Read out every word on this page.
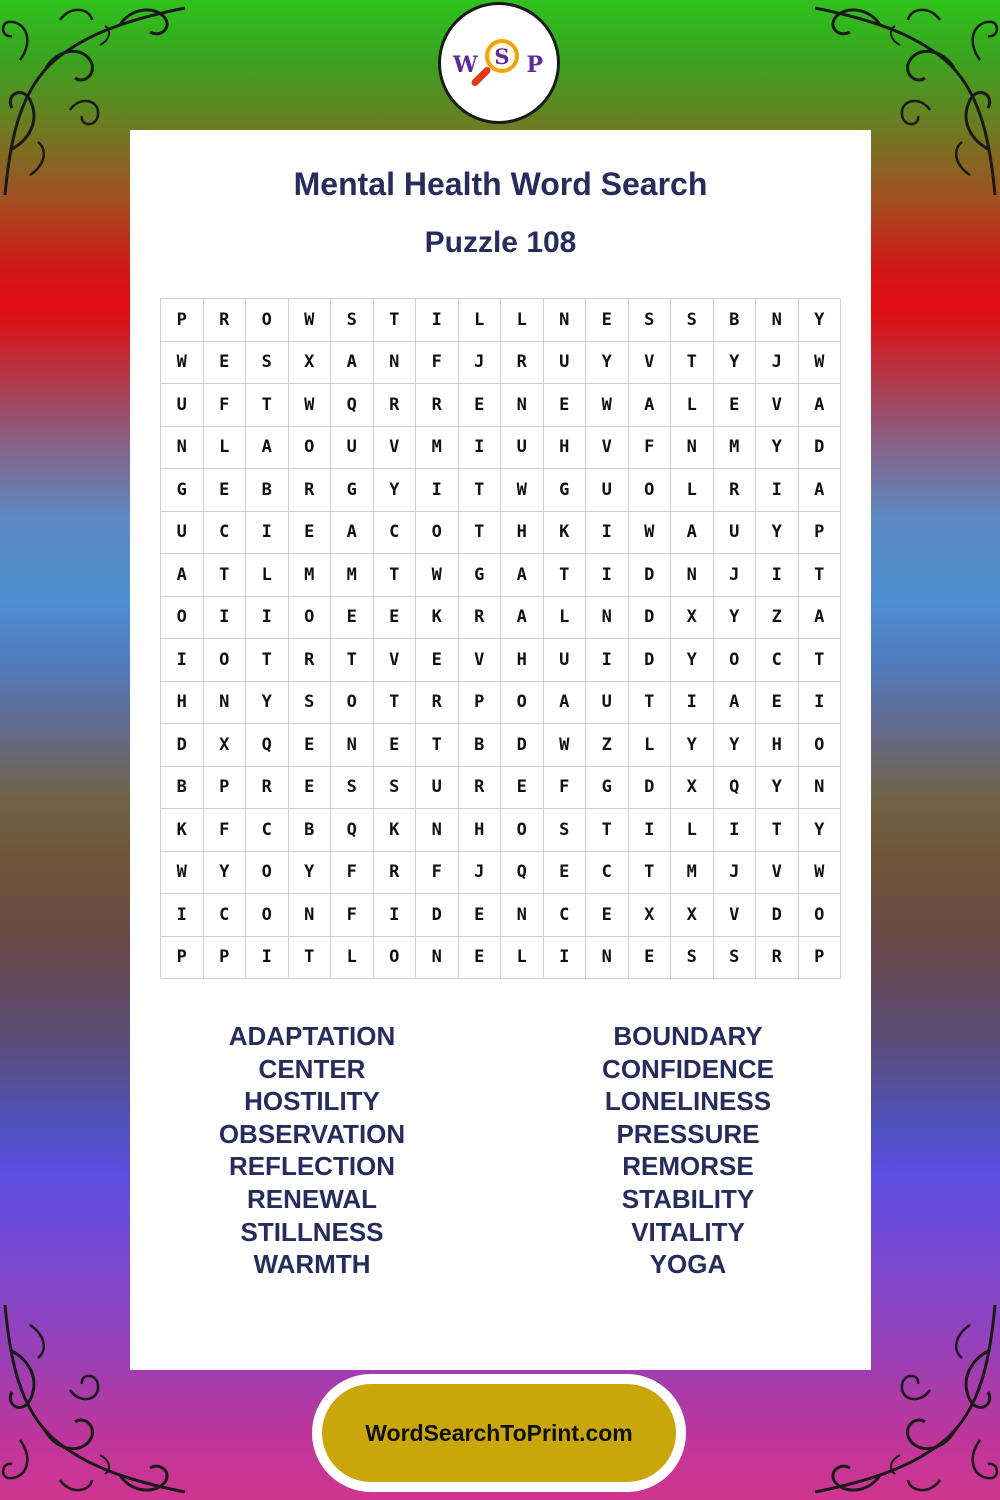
W S P
Mental Health Word Search
Puzzle 108
P	R	O	W	S	T	I	L	L	N	E	S	S	B	N	Y
W	E	S	X	A	N	F	J	R	U	Y	V	T	Y	J	W
U	F	T	W	Q	R	R	E	N	E	W	A	L	E	V	A
N	L	A	O	U	V	M	I	U	H	V	F	N	M	Y	D
G	E	B	R	G	Y	I	T	W	G	U	O	L	R	I	A
U	C	I	E	A	C	O	T	H	K	I	W	A	U	Y	P
A	T	L	M	M	T	W	G	A	T	I	D	N	J	I	T
O	I	I	O	E	E	K	R	A	L	N	D	X	Y	Z	A
I	O	T	R	T	V	E	V	H	U	I	D	Y	O	C	T
H	N	Y	S	O	T	R	P	O	A	U	T	I	A	E	I
D	X	Q	E	N	E	T	B	D	W	Z	L	Y	Y	H	O
B	P	R	E	S	S	U	R	E	F	G	D	X	Q	Y	N
K	F	C	B	Q	K	N	H	O	S	T	I	L	I	T	Y
W	Y	O	Y	F	R	F	J	Q	E	C	T	M	J	V	W
I	C	O	N	F	I	D	E	N	C	E	X	X	V	D	O
P	P	I	T	L	O	N	E	L	I	N	E	S	S	R	P
ADAPTATION
CENTER
HOSTILITY
OBSERVATION
REFLECTION
RENEWAL
STILLNESS
WARMTH
BOUNDARY
CONFIDENCE
LONELINESS
PRESSURE
REMORSE
STABILITY
VITALITY
YOGA
WordSearchToPrint.com
